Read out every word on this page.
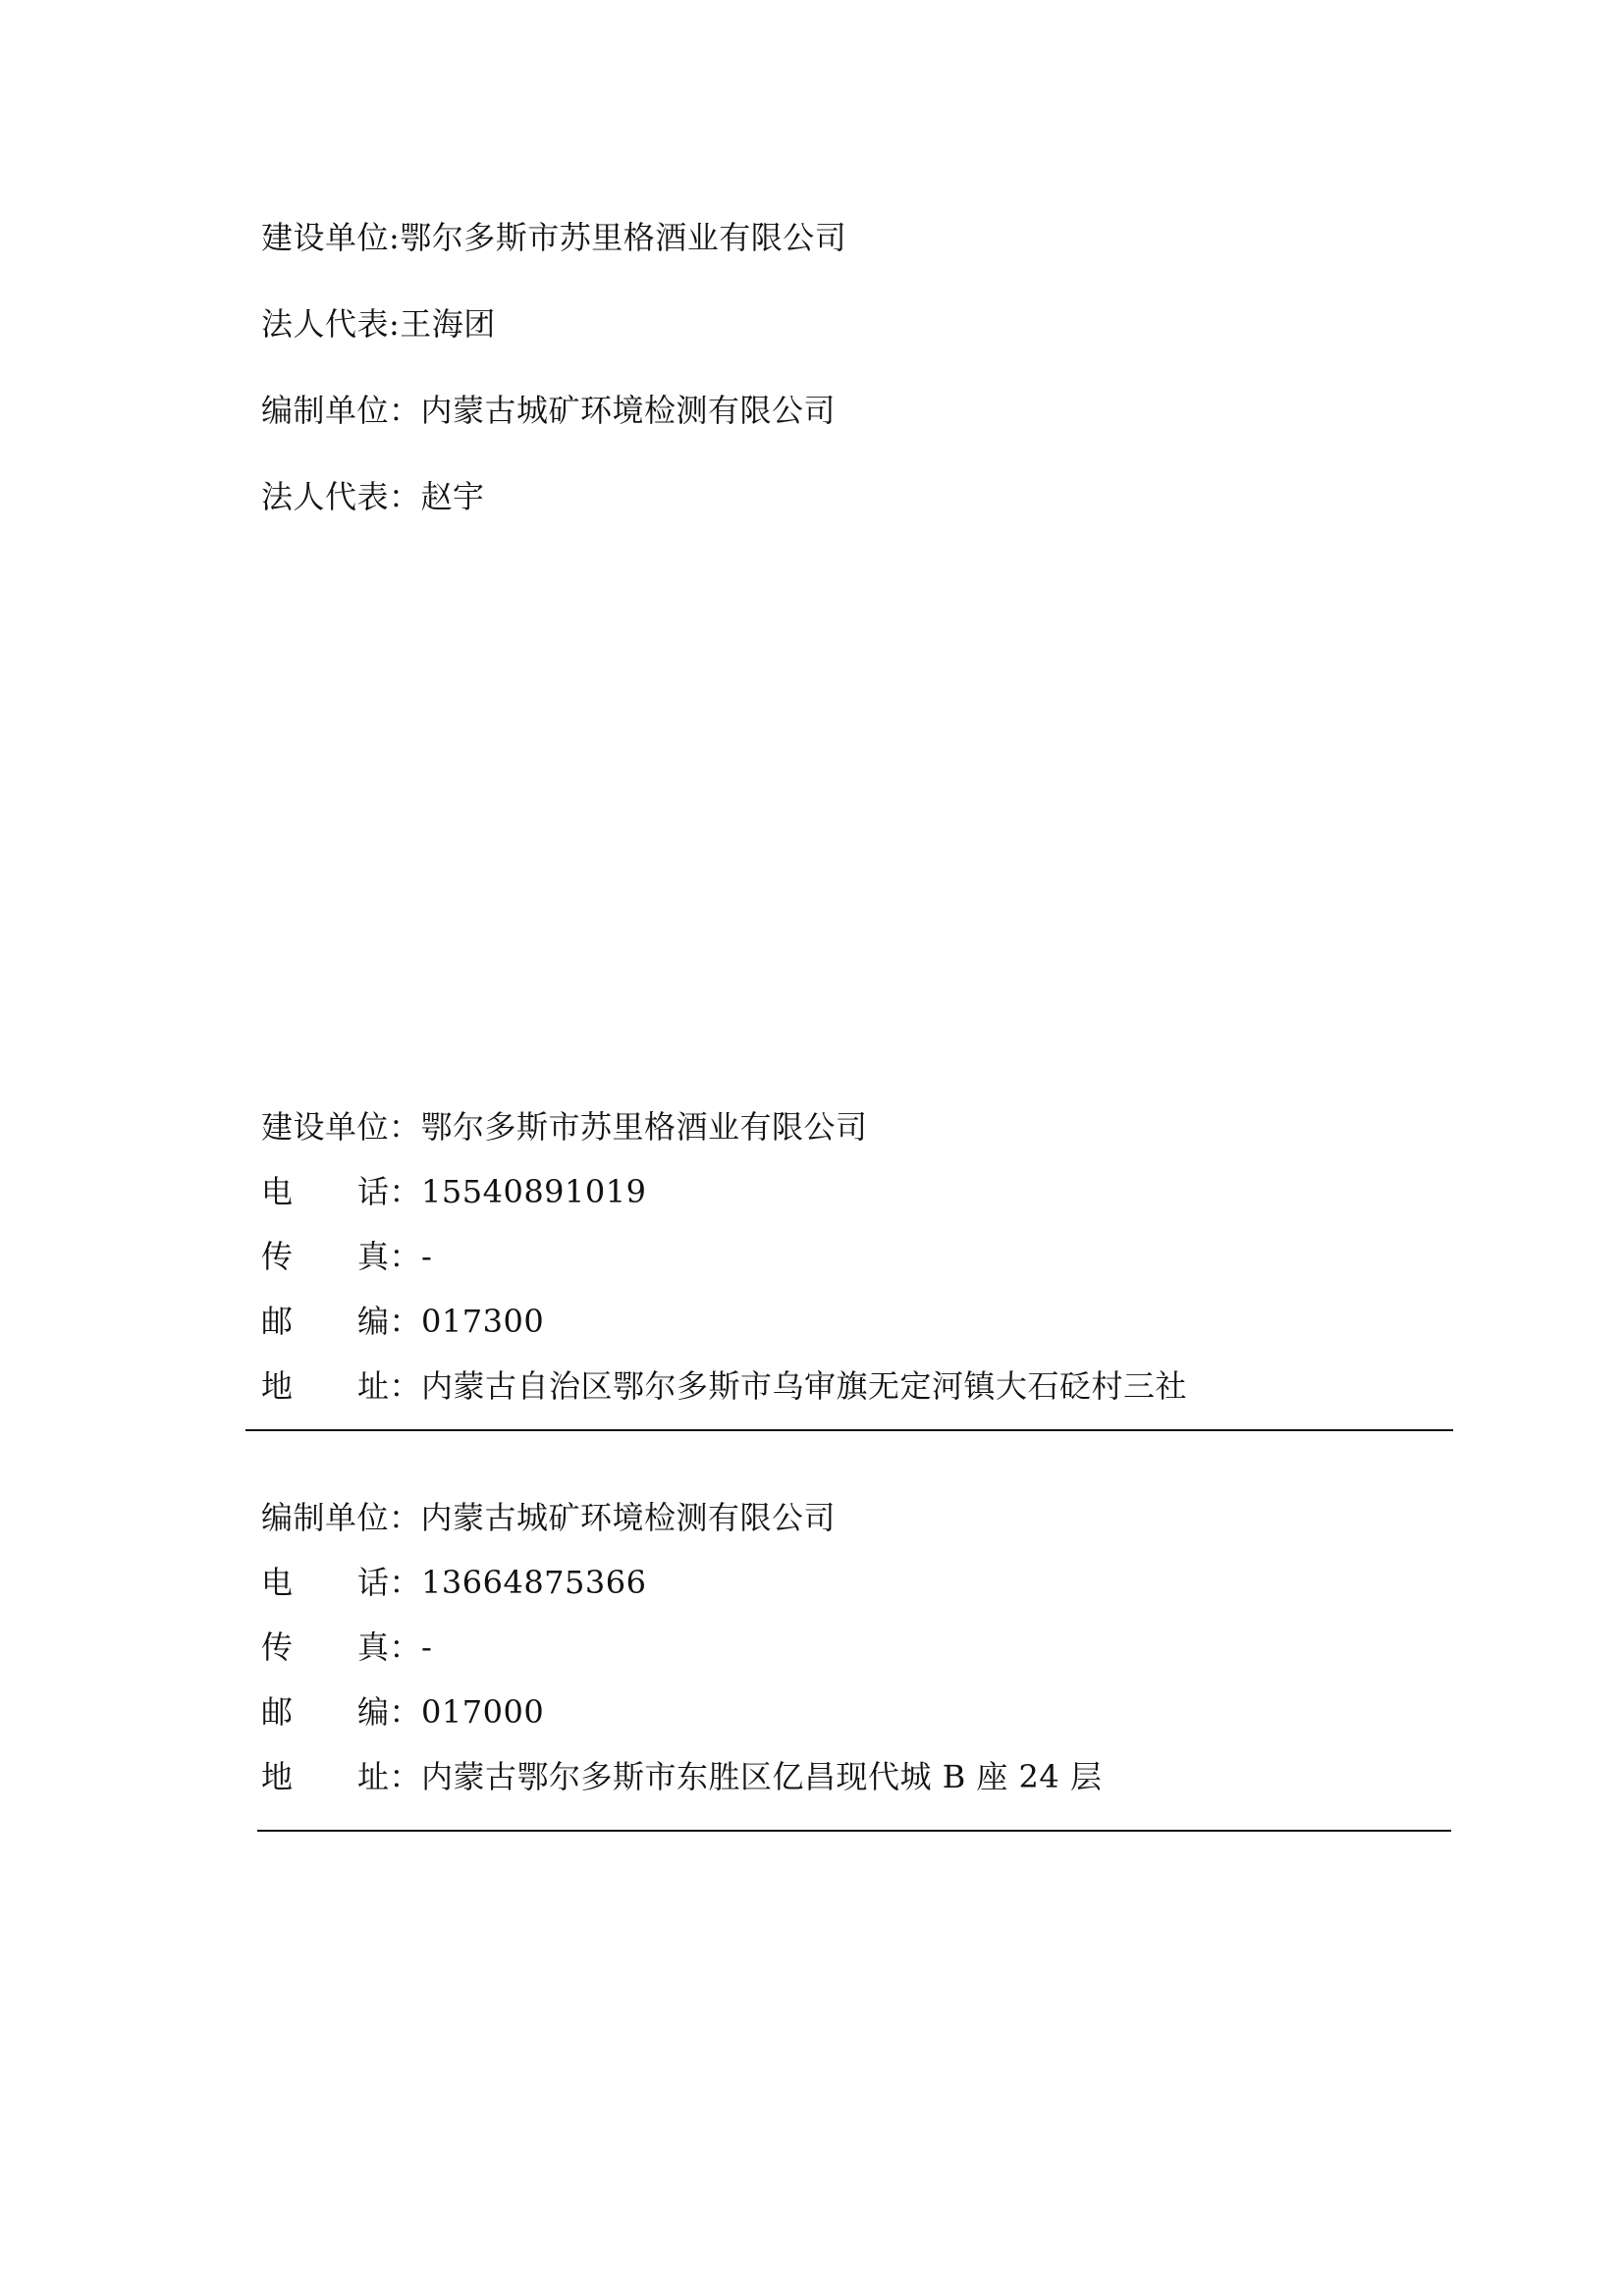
建设单位:鄂尔多斯市苏里格酒业有限公司
法人代表:王海团
编制单位：内蒙古城矿环境检测有限公司
法人代表：赵宇
建设单位：鄂尔多斯市苏里格酒业有限公司
电 话：15540891019
传 真：-
邮 编：017300
地 址：内蒙古自治区鄂尔多斯市乌审旗无定河镇大石砭村三社
编制单位：内蒙古城矿环境检测有限公司
电 话：13664875366
传 真：-
邮 编：017000
地 址：内蒙古鄂尔多斯市东胜区亿昌现代城 B 座 24 层
